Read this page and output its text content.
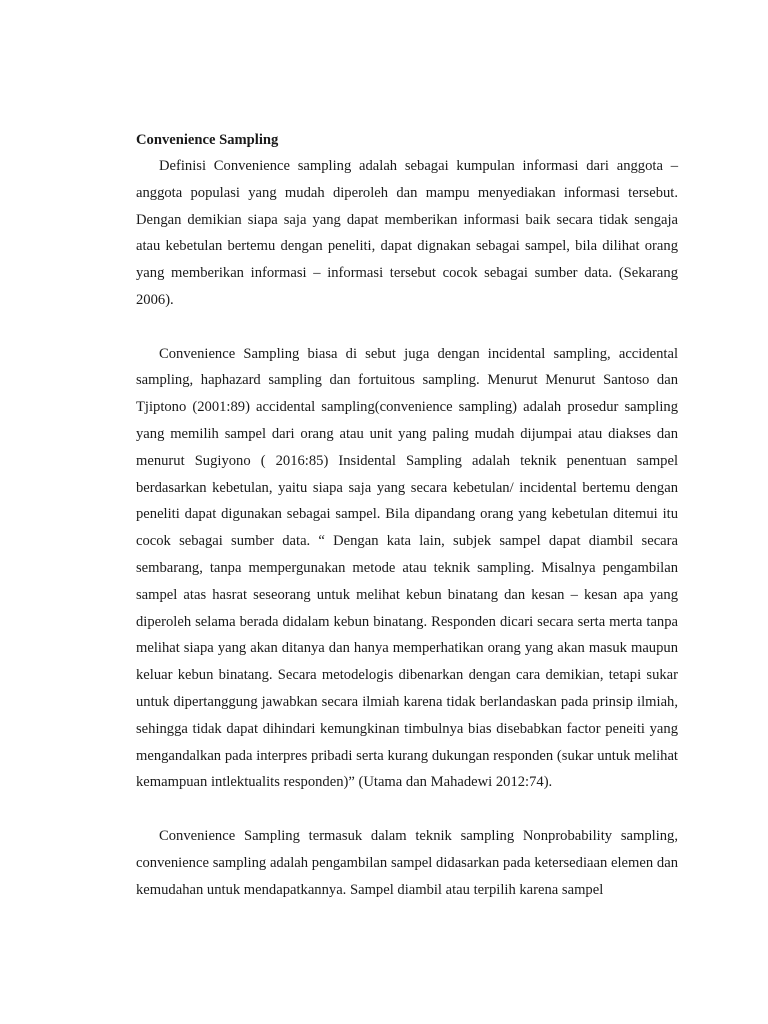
Convenience Sampling

Definisi Convenience sampling adalah sebagai kumpulan informasi dari anggota – anggota populasi yang mudah diperoleh dan mampu menyediakan informasi tersebut. Dengan demikian siapa saja yang dapat memberikan informasi baik secara tidak sengaja atau kebetulan bertemu dengan peneliti, dapat dignakan sebagai sampel, bila dilihat orang yang memberikan informasi – informasi tersebut cocok sebagai sumber data. (Sekarang 2006).

Convenience Sampling biasa di sebut juga dengan incidental sampling, accidental sampling, haphazard sampling dan fortuitous sampling. Menurut Menurut Santoso dan Tjiptono (2001:89) accidental sampling(convenience sampling) adalah prosedur sampling yang memilih sampel dari orang atau unit yang paling mudah dijumpai atau diakses dan menurut Sugiyono ( 2016:85) Insidental Sampling adalah teknik penentuan sampel berdasarkan kebetulan, yaitu siapa saja yang secara kebetulan/ incidental bertemu dengan peneliti dapat digunakan sebagai sampel. Bila dipandang orang yang kebetulan ditemui itu cocok sebagai sumber data. “ Dengan kata lain, subjek sampel dapat diambil secara sembarang, tanpa mempergunakan metode atau teknik sampling. Misalnya pengambilan sampel atas hasrat seseorang untuk melihat kebun binatang dan kesan – kesan apa yang diperoleh selama berada didalam kebun binatang. Responden dicari secara serta merta tanpa melihat siapa yang akan ditanya dan hanya memperhatikan orang yang akan masuk maupun keluar kebun binatang. Secara metodelogis dibenarkan dengan cara demikian, tetapi sukar untuk dipertanggung jawabkan secara ilmiah karena tidak berlandaskan pada prinsip ilmiah, sehingga tidak dapat dihindari kemungkinan timbulnya bias disebabkan factor peneiti yang mengandalkan pada interpres pribadi serta kurang dukungan responden (sukar untuk melihat kemampuan intlektualits responden)” (Utama dan Mahadewi 2012:74).

Convenience Sampling termasuk dalam teknik sampling Nonprobability sampling, convenience sampling adalah pengambilan sampel didasarkan pada ketersediaan elemen dan kemudahan untuk mendapatkannya. Sampel diambil atau terpilih karena sampel
